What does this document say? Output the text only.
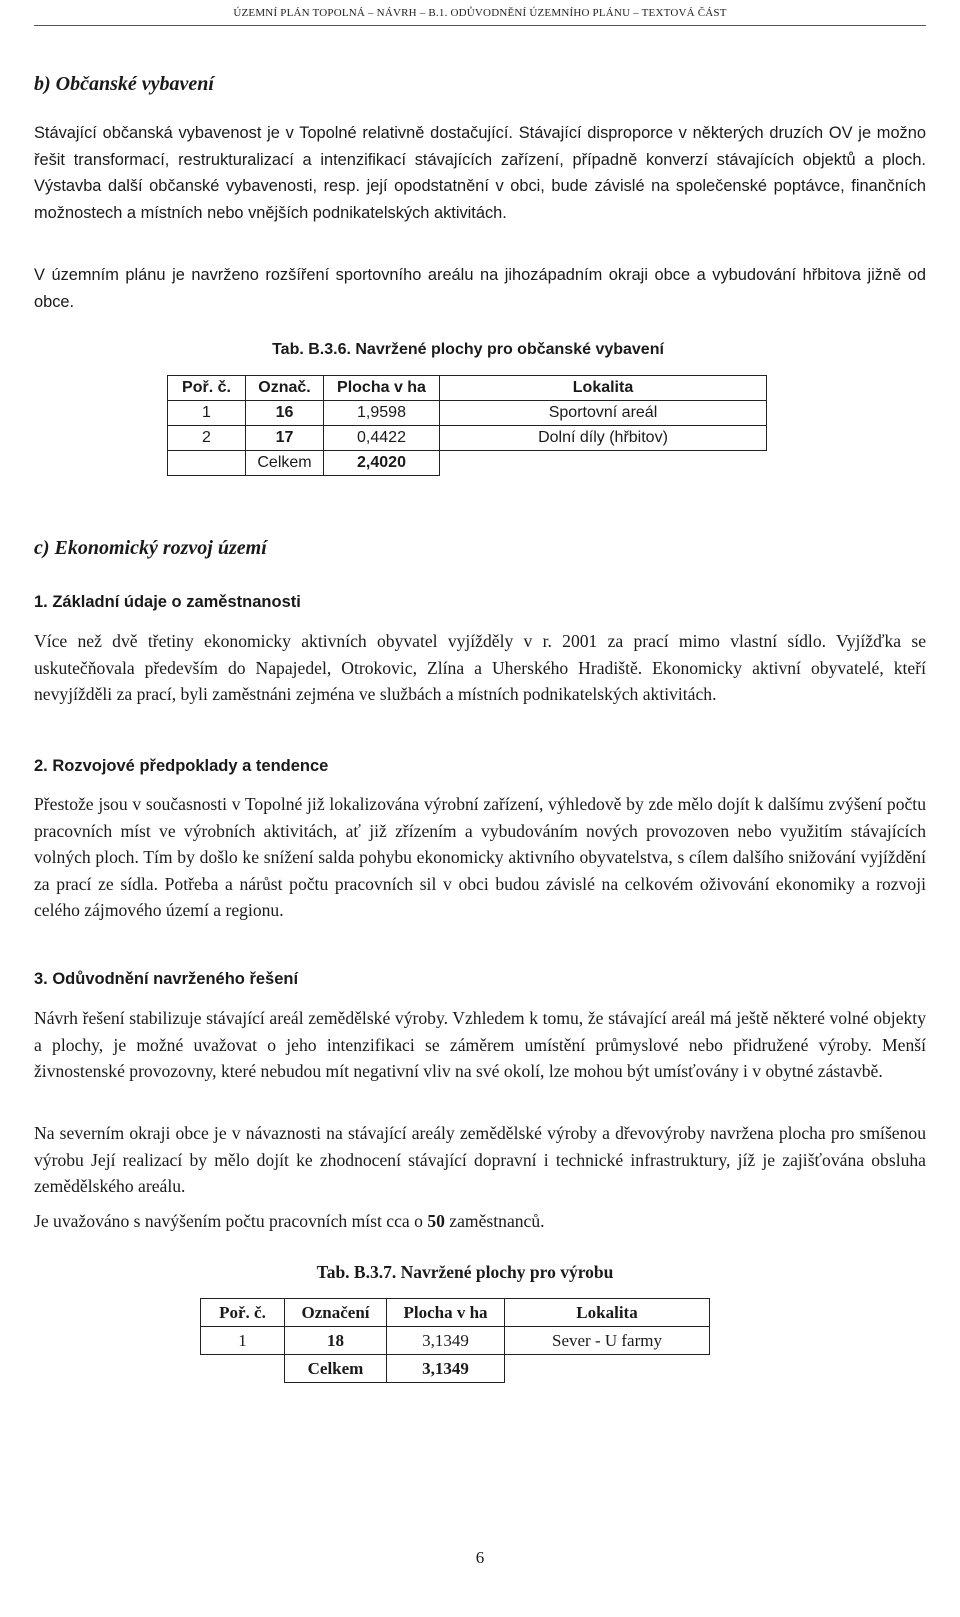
ÚZEMNÍ PLÁN TOPOLNÁ – NÁVRH – B.1. ODŮVODNĚNÍ ÚZEMNÍHO PLÁNU – TEXTOVÁ ČÁST
b) Občanské vybavení
Stávající občanská vybavenost je v Topolné relativně dostačující. Stávající disproporce v některých druzích OV je možno řešit transformací, restrukturalizací a intenzifikací stávajících zařízení, případně konverzí stávajících objektů a ploch. Výstavba další občanské vybavenosti, resp. její opodstatnění v obci, bude závislé na společenské poptávce, finančních možnostech a místních nebo vnějších podnikatelských aktivitách.
V územním plánu je navrženo rozšíření sportovního areálu na jihozápadním okraji obce a vybudování hřbitova jižně od obce.
Tab. B.3.6. Navržené plochy pro občanské vybavení
Poř. č.	Označ.	Plocha v ha	Lokalita
1	16	1,9598	Sportovní areál
2	17	0,4422	Dolní díly (hřbitov)
	Celkem	2,4020	
c) Ekonomický rozvoj území
1. Základní údaje o zaměstnanosti
Více než dvě třetiny ekonomicky aktivních obyvatel vyjížděly v r. 2001 za prací mimo vlastní sídlo. Vyjížďka se uskutečňovala především do Napajedel, Otrokovic, Zlína a Uherského Hradiště. Ekonomicky aktivní obyvatelé, kteří nevyjížděli za prací, byli zaměstnáni zejména ve službách a místních podnikatelských aktivitách.
2. Rozvojové předpoklady a tendence
Přestože jsou v současnosti v Topolné již lokalizována výrobní zařízení, výhledově by zde mělo dojít k dalšímu zvýšení počtu pracovních míst ve výrobních aktivitách, ať již zřízením a vybudováním nových provozoven nebo využitím stávajících volných ploch. Tím by došlo ke snížení salda pohybu ekonomicky aktivního obyvatelstva, s cílem dalšího snižování vyjíždění za prací ze sídla. Potřeba a nárůst počtu pracovních sil v obci budou závislé na celkovém oživování ekonomiky a rozvoji celého zájmového území a regionu.
3. Odůvodnění navrženého řešení
Návrh řešení stabilizuje stávající areál zemědělské výroby. Vzhledem k tomu, že stávající areál má ještě některé volné objekty a plochy, je možné uvažovat o jeho intenzifikaci se záměrem umístění průmyslové nebo přidružené výroby. Menší živnostenské provozovny, které nebudou mít negativní vliv na své okolí, lze mohou být umísťovány i v obytné zástavbě.
Na severním okraji obce je v návaznosti na stávající areály zemědělské výroby a dřevovýroby navržena plocha pro smíšenou výrobu Její realizací by mělo dojít ke zhodnocení stávající dopravní i technické infrastruktury, jíž je zajišťována obsluha zemědělského areálu.
Je uvažováno s navýšením počtu pracovních míst cca o 50 zaměstnanců.
Tab. B.3.7. Navržené plochy pro výrobu
Poř. č.	Označení	Plocha v ha	Lokalita
1	18	3,1349	Sever - U farmy
	Celkem	3,1349	
6
